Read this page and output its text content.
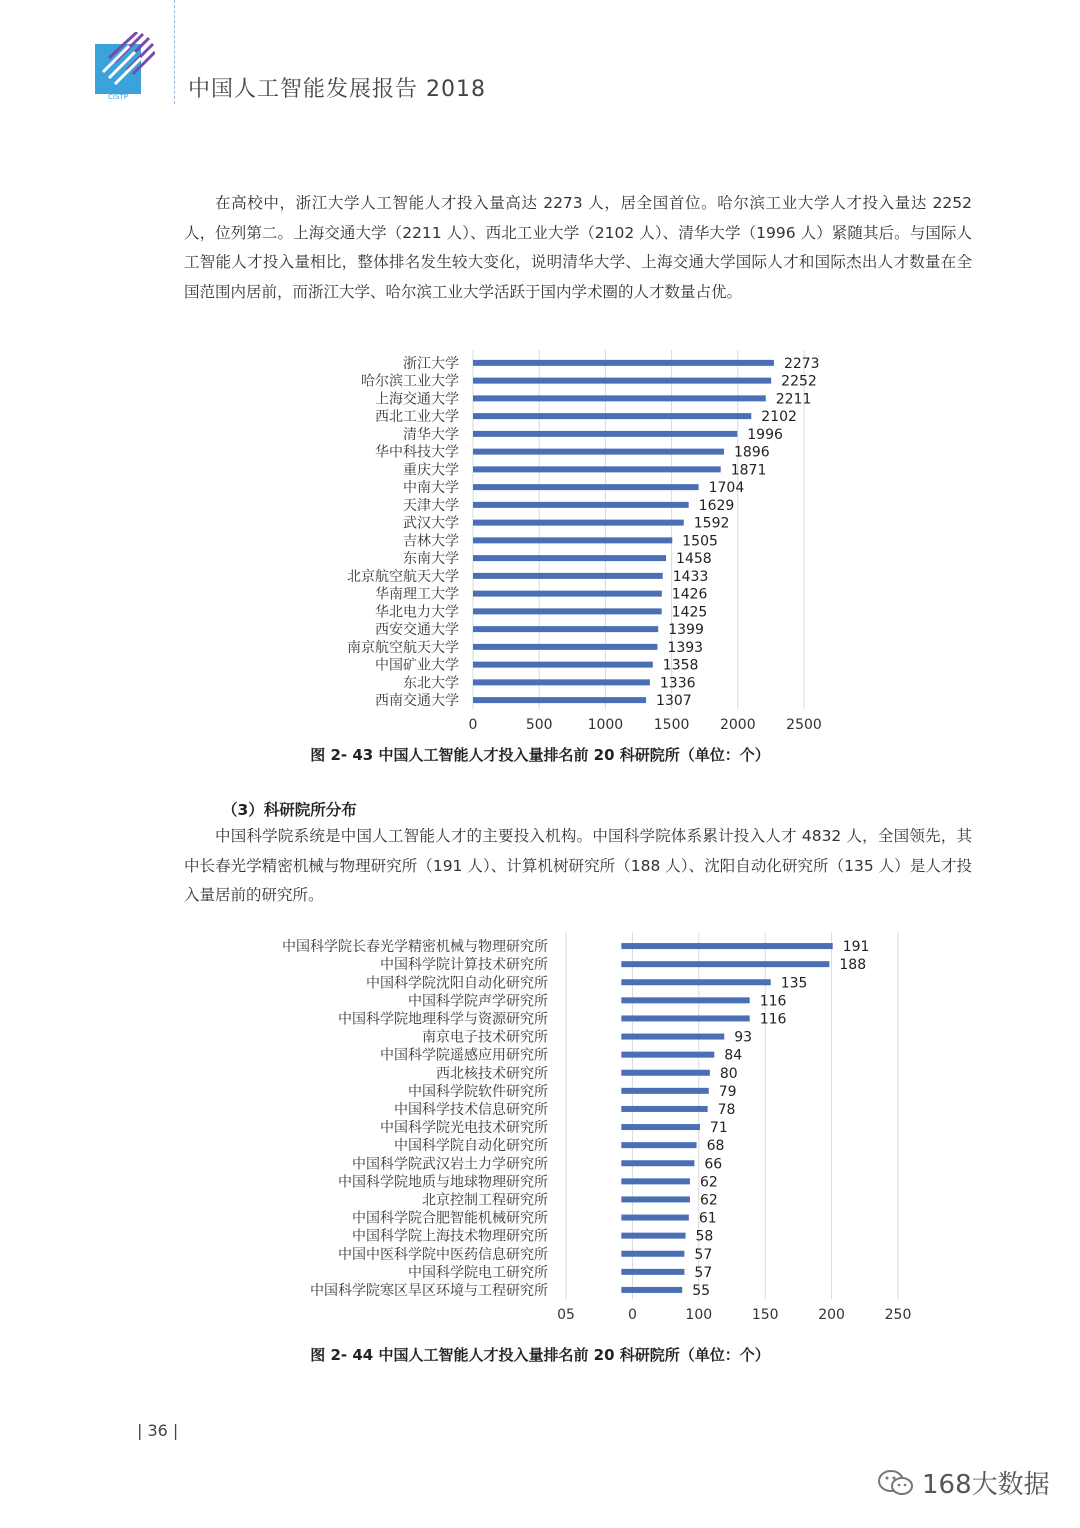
CISTP	中国人工智能发展报告 2018

在高校中，浙江大学人工智能人才投入量高达 2273 人，居全国首位。哈尔滨工业大学人才投入量达 2252 人，位列第二。上海交通大学（2211 人）、西北工业大学（2102 人）、清华大学（1996 人）紧随其后。与国际人工智能人才投入量相比，整体排名发生较大变化，说明清华大学、上海交通大学国际人才和国际杰出人才数量在全国范围内居前，而浙江大学、哈尔滨工业大学活跃于国内学术圈的人才数量占优。

0	500	1000 1500 2000 2500
浙江大学	2273
哈尔滨工业大学	2252
上海交通大学	2211
西北工业大学	2102
清华大学	1996
华中科技大学	1896
重庆大学	1871
中南大学	1704
天津大学	1629
武汉大学	1592
吉林大学	1505
东南大学	1458
北京航空航天大学	1433
华南理工大学	1426
华北电力大学	1425
西安交通大学	1399
南京航空航天大学	1393
中国矿业大学	1358
东北大学	1336
西南交通大学	1307
图 2- 43 中国人工智能人才投入量排名前 20 科研院所（单位：个）
（3）科研院所分布

中国科学院系统是中国人工智能人才的主要投入机构。中国科学院体系累计投入人才 4832 人，全国领先，其中长春光学精密机械与物理研究所（191 人）、计算机树研究所（188 人）、沈阳自动化研究所（135 人）是人才投入量居前的研究所。

05	0	100	150	200	250
中国科学院长春光学精密机械与物理研究所	191
中国科学院计算技术研究所	188
中国科学院沈阳自动化研究所	135
中国科学院声学研究所	116
中国科学院地理科学与资源研究所	116
南京电子技术研究所	93
中国科学院遥感应用研究所	84
西北核技术研究所	80
中国科学院软件研究所	79
中国科学技术信息研究所	78
中国科学院光电技术研究所	71
中国科学院自动化研究所	68
中国科学院武汉岩土力学研究所	66
中国科学院地质与地球物理研究所	62
北京控制工程研究所	62
中国科学院合肥智能机械研究所	61
中国科学院上海技术物理研究所	58
中国中医科学院中医药信息研究所	57
中国科学院电工研究所	57
中国科学院寒区旱区环境与工程研究所	55
图 2- 44 中国人工智能人才投入量排名前 20 科研院所（单位：个）
| 36 |
168大数据
